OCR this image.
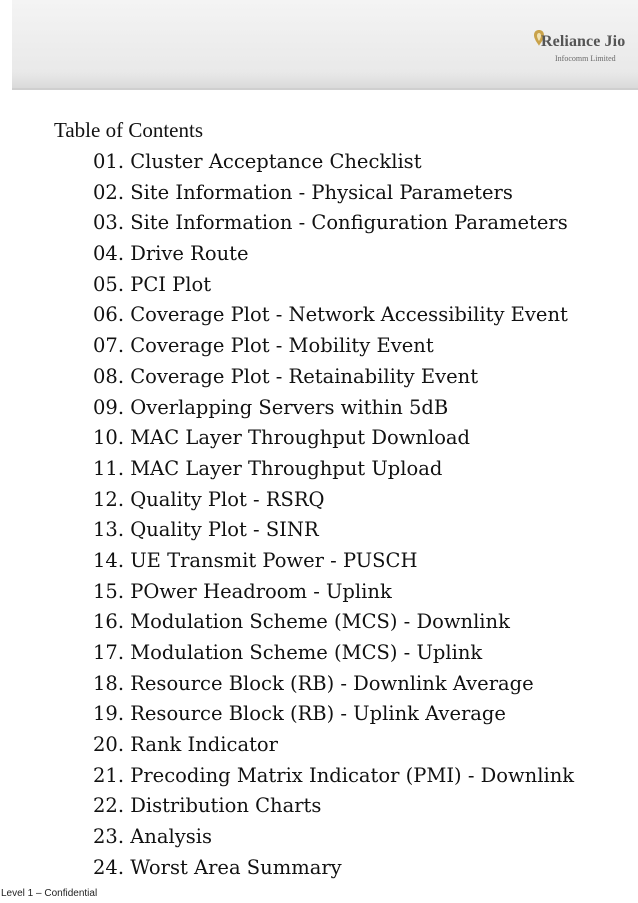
Reliance Jio
Infocomm Limited
Table of Contents
01. Cluster Acceptance Checklist
02. Site Information - Physical Parameters
03. Site Information - Configuration Parameters
04. Drive Route
05. PCI Plot
06. Coverage Plot - Network Accessibility Event
07. Coverage Plot - Mobility Event
08. Coverage Plot - Retainability Event
09. Overlapping Servers within 5dB
10. MAC Layer Throughput Download
11. MAC Layer Throughput Upload
12. Quality Plot - RSRQ
13. Quality Plot - SINR
14. UE Transmit Power - PUSCH
15. POwer Headroom - Uplink
16. Modulation Scheme (MCS) - Downlink
17. Modulation Scheme (MCS) - Uplink
18. Resource Block (RB) - Downlink Average
19. Resource Block (RB) - Uplink Average
20. Rank Indicator
21. Precoding Matrix Indicator (PMI) - Downlink
22. Distribution Charts
23. Analysis
24. Worst Area Summary
Level 1 – Confidential
